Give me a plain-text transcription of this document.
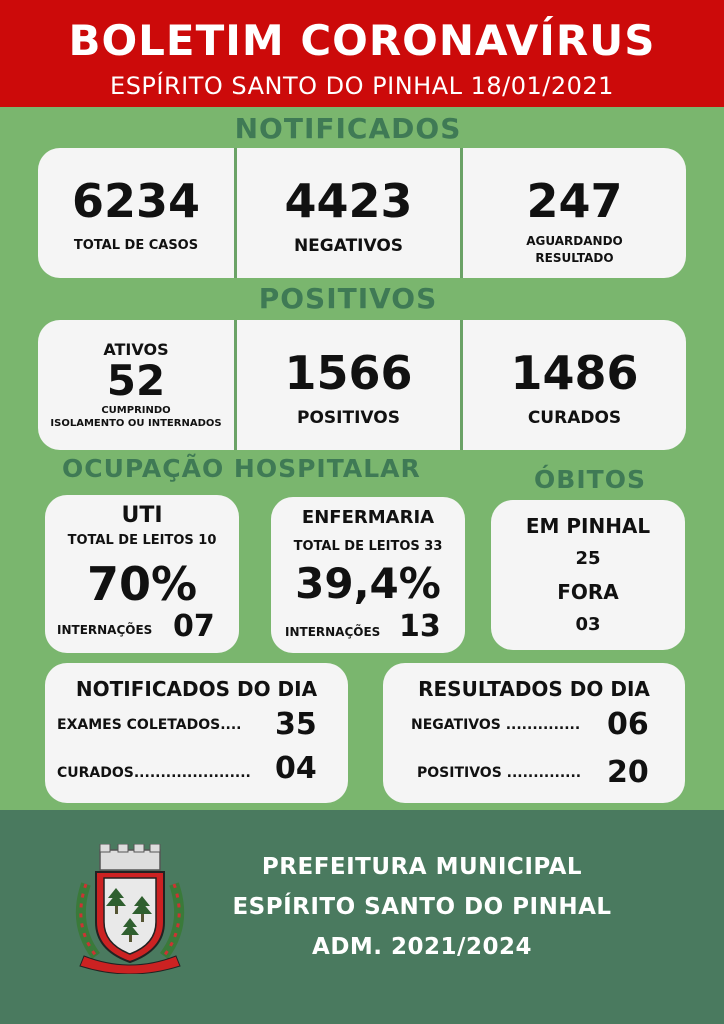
BOLETIM CORONAVÍRUS
ESPÍRITO SANTO DO PINHAL 18/01/2021
NOTIFICADOS
6234
TOTAL DE CASOS
4423
NEGATIVOS
247
AGUARDANDO
RESULTADO
POSITIVOS
ATIVOS
52
CUMPRINDO
ISOLAMENTO OU INTERNADOS
1566
POSITIVOS
1486
CURADOS
OCUPAÇÃO HOSPITALAR	ÓBITOS
UTI
TOTAL DE LEITOS 10
70%
INTERNAÇÕES 07
ENFERMARIA
TOTAL DE LEITOS 33
39,4%
INTERNAÇÕES 13
EM PINHAL
25
FORA
03
NOTIFICADOS DO DIA
EXAMES COLETADOS.... 35
CURADOS...................... 04
RESULTADOS DO DIA
NEGATIVOS .............. 06
POSITIVOS .............. 20
PREFEITURA MUNICIPAL
ESPÍRITO SANTO DO PINHAL
ADM. 2021/2024
